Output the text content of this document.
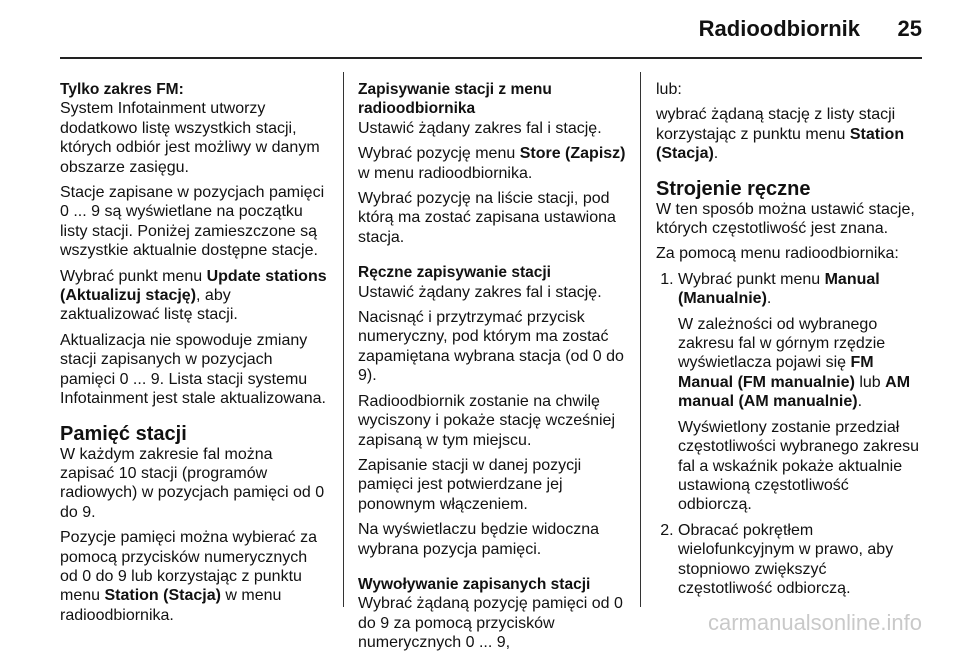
Radioodbiornik 25
Tylko zakres FM:

System Infotainment utworzy dodatkowo listę wszystkich stacji, których odbiór jest możliwy w danym obszarze zasięgu.

Stacje zapisane w pozycjach pamięci 0 ... 9 są wyświetlane na początku listy stacji. Poniżej zamieszczone są wszystkie aktualnie dostępne stacje.

Wybrać punkt menu Update stations (Aktualizuj stację), aby zaktualizować listę stacji.

Aktualizacja nie spowoduje zmiany stacji zapisanych w pozycjach pamięci 0 ... 9. Lista stacji systemu Infotainment jest stale aktualizowana.

Pamięć stacji

W każdym zakresie fal można zapisać 10 stacji (programów radiowych) w pozycjach pamięci od 0 do 9.

Pozycje pamięci można wybierać za pomocą przycisków numerycznych od 0 do 9 lub korzystając z punktu menu Station (Stacja) w menu radioodbiornika.

Zapisywanie stacji z menu radioodbiornika

Ustawić żądany zakres fal i stację.

Wybrać pozycję menu Store (Zapisz) w menu radioodbiornika.

Wybrać pozycję na liście stacji, pod którą ma zostać zapisana ustawiona stacja.

Ręczne zapisywanie stacji

Ustawić żądany zakres fal i stację.

Nacisnąć i przytrzymać przycisk numeryczny, pod którym ma zostać zapamiętana wybrana stacja (od 0 do 9).

Radioodbiornik zostanie na chwilę wyciszony i pokaże stację wcześniej zapisaną w tym miejscu.

Zapisanie stacji w danej pozycji pamięci jest potwierdzane jej ponownym włączeniem.

Na wyświetlaczu będzie widoczna wybrana pozycja pamięci.

Wywoływanie zapisanych stacji

Wybrać żądaną pozycję pamięci od 0 do 9 za pomocą przycisków numerycznych 0 ... 9,

lub:

wybrać żądaną stację z listy stacji korzystając z punktu menu Station (Stacja).

Strojenie ręczne

W ten sposób można ustawić stacje, których częstotliwość jest znana.

Za pomocą menu radioodbiornika:

1. Wybrać punkt menu Manual (Manualnie).

W zależności od wybranego zakresu fal w górnym rzędzie wyświetlacza pojawi się FM Manual (FM manualnie) lub AM manual (AM manualnie).

Wyświetlony zostanie przedział częstotliwości wybranego zakresu fal a wskaźnik pokaże aktualnie ustawioną częstotliwość odbiorczą.

2. Obracać pokrętłem wielofunkcyjnym w prawo, aby stopniowo zwiększyć częstotliwość odbiorczą.

carmanualsonline.info
